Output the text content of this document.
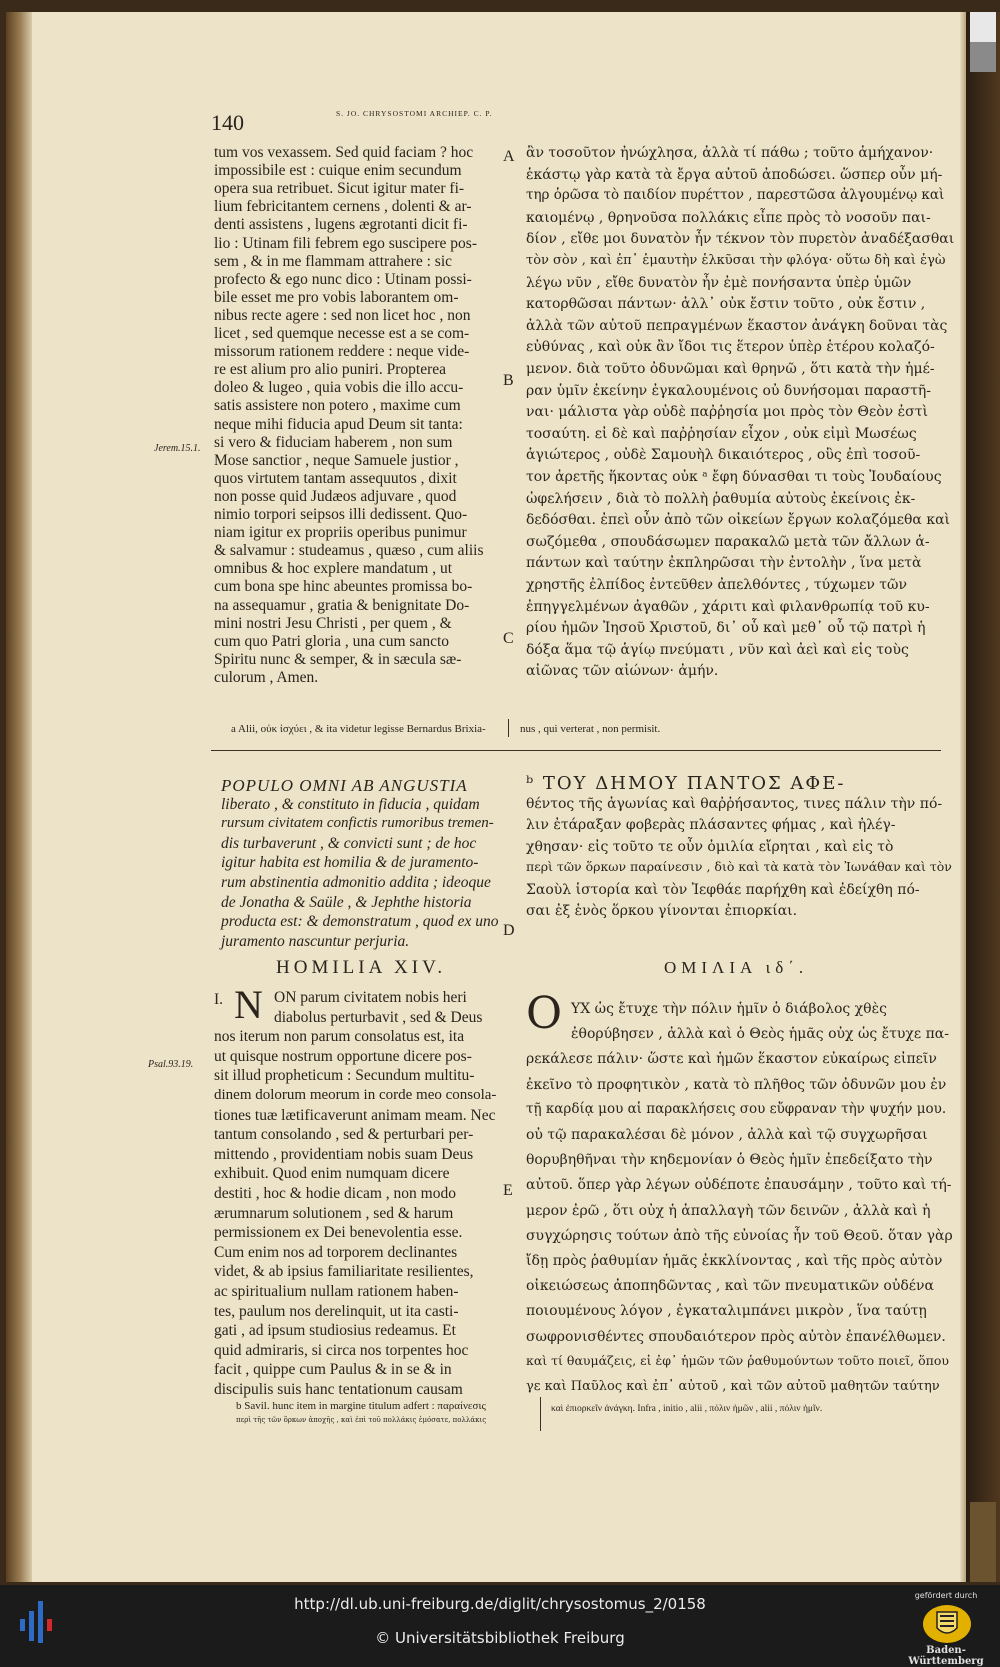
140	S. JO. CHRYSOSTOMI ARCHIEP. C. P.
A
B
C
D
E
Jerem.15.1.
Psal.93.19.
a Alii, οὐκ ἰσχύει , & ita videtur legisse Bernardus Brixia-	nus , qui verterat , non permisit.
HOMILIA XIV.	ΟΜΙΛΙΑ ιδ΄.
b Savil. hunc item in margine titulum adfert : παραίνεσις
περὶ τῆς τῶν ὅρκων ἀποχῆς , καὶ ἐπὶ τοῦ πολλάκις ἐμόσατε, πολλάκις
καὶ ἐπιορκεῖν ἀνάγκη. Infra , initio , alii , πόλιν ἡμῶν , alii , πόλιν ἡμῖν.
tum vos vexassem. Sed quid faciam ? hoc
impossibile est : cuique enim secundum
opera sua retribuet. Sicut igitur mater fi-
lium febricitantem cernens , dolenti & ar-
denti assistens , lugens ægrotanti dicit fi-
lio : Utinam fili febrem ego suscipere pos-
sem , & in me flammam attrahere : sic
profecto & ego nunc dico : Utinam possi-
bile esset me pro vobis laborantem om-
nibus recte agere : sed non licet hoc , non
licet , sed quemque necesse est a se com-
missorum rationem reddere : neque vide-
re est alium pro alio puniri. Propterea
doleo & lugeo , quia vobis die illo accu-
satis assistere non potero , maxime cum
neque mihi fiducia apud Deum sit tanta:
si vero & fiduciam haberem , non sum
Mose sanctior , neque Samuele justior ,
quos virtutem tantam assequutos , dixit
non posse quid Judæos adjuvare , quod
nimio torpori seipsos illi dedissent. Quo-
niam igitur ex propriis operibus punimur
& salvamur : studeamus , quæso , cum aliis
omnibus & hoc explere mandatum , ut
cum bona spe hinc abeuntes promissa bo-
na assequamur , gratia & benignitate Do-
mini nostri Jesu Christi , per quem , &
cum quo Patri gloria , una cum sancto
Spiritu nunc & semper, & in sæcula sæ-
culorum , Amen.
ἂν τοσοῦτον ἠνώχλησα, ἀλλὰ τί πάθω ; τοῦτο ἀμήχανον·
ἑκάστῳ γὰρ κατὰ τὰ ἔργα αὐτοῦ ἀποδώσει. ὥσπερ οὖν μή-
τηρ ὁρῶσα τὸ παιδίον πυρέττον , παρεστῶσα ἀλγουμένῳ καὶ
καιομένῳ , θρηνοῦσα πολλάκις εἶπε πρὸς τὸ νοσοῦν παι-
δίον , εἴθε μοι δυνατὸν ἦν τέκνον τὸν πυρετὸν ἀναδέξασθαι
τὸν σὸν , καὶ ἐπ᾽ ἐμαυτὴν ἑλκῦσαι τὴν φλόγα· οὕτω δὴ καὶ ἐγὼ
λέγω νῦν , εἴθε δυνατὸν ἦν ἐμὲ πονήσαντα ὑπὲρ ὑμῶν
κατορθῶσαι πάντων· ἀλλ᾽ οὐκ ἔστιν τοῦτο , οὐκ ἔστιν ,
ἀλλὰ τῶν αὐτοῦ πεπραγμένων ἕκαστον ἀνάγκη δοῦναι τὰς
εὐθύνας , καὶ οὐκ ἂν ἴδοι τις ἕτερον ὑπὲρ ἑτέρου κολαζό-
μενον. διὰ τοῦτο ὀδυνῶμαι καὶ θρηνῶ , ὅτι κατὰ τὴν ἡμέ-
ραν ὑμῖν ἐκείνην ἐγκαλουμένοις οὐ δυνήσομαι παραστῆ-
ναι· μάλιστα γὰρ οὐδὲ παῤῥησία μοι πρὸς τὸν Θεὸν ἐστὶ
τοσαύτη. εἰ δὲ καὶ παῤῥησίαν εἶχον , οὐκ εἰμὶ Μωσέως
ἁγιώτερος , οὐδὲ Σαμουὴλ δικαιότερος , οὓς ἐπὶ τοσοῦ-
τον ἀρετῆς ἥκοντας οὐκ ᵃ ἔφη δύνασθαι τι τοὺς Ἰουδαίους
ὠφελήσειν , διὰ τὸ πολλὴ ῥαθυμία αὐτοὺς ἐκείνοις ἐκ-
δεδόσθαι. ἐπεὶ οὖν ἀπὸ τῶν οἰκείων ἔργων κολαζόμεθα καὶ
σωζόμεθα , σπουδάσωμεν παρακαλῶ μετὰ τῶν ἄλλων ἁ-
πάντων καὶ ταύτην ἐκπληρῶσαι τὴν ἐντολὴν , ἵνα μετὰ
χρηστῆς ἐλπίδος ἐντεῦθεν ἀπελθόντες , τύχωμεν τῶν
ἐπηγγελμένων ἀγαθῶν , χάριτι καὶ φιλανθρωπίᾳ τοῦ κυ-
ρίου ἡμῶν Ἰησοῦ Χριστοῦ, δι᾽ οὗ καὶ μεθ᾽ οὗ τῷ πατρὶ ἡ
δόξα ἅμα τῷ ἁγίῳ πνεύματι , νῦν καὶ ἀεὶ καὶ εἰς τοὺς
αἰῶνας τῶν αἰώνων· ἀμήν.
POPULO OMNI AB ANGUSTIA
liberato , & constituto in fiducia , quidam
rursum civitatem confictis rumoribus tremen-
dis turbaverunt , & convicti sunt ; de hoc
igitur habita est homilia & de juramento-
rum abstinentia admonitio addita ; ideoque
de Jonatha & Saüle , & Jephthe historia
producta est: & demonstratum , quod ex uno
juramento nascuntur perjuria.
ᵇ ΤΟΥ ΔΗΜΟΥ ΠΑΝΤΟΣ ΑΦΕ-
θέντος τῆς ἀγωνίας καὶ θαῤῥήσαντος, τινες πάλιν τὴν πό-
λιν ἐτάραξαν φοβερὰς πλάσαντες φήμας , καὶ ἠλέγ-
χθησαν· εἰς τοῦτο τε οὖν ὁμιλία εἴρηται , καὶ εἰς τὸ
περὶ τῶν ὅρκων παραίνεσιν , διὸ καὶ τὰ κατὰ τὸν Ἰωνάθαν καὶ τὸν
Σαοὺλ ἱστορία καὶ τὸν Ἰεφθάε παρήχθη καὶ ἐδείχθη πό-
σαι ἐξ ἑνὸς ὅρκου γίνονται ἐπιορκίαι.
I. N ON parum civitatem nobis heri
diabolus perturbavit , sed & Deus
nos iterum non parum consolatus est, ita
ut quisque nostrum opportune dicere pos-
sit illud propheticum : Secundum multitu-
dinem dolorum meorum in corde meo consola-
tiones tuæ lætificaverunt animam meam. Nec
tantum consolando , sed & perturbari per-
mittendo , providentiam nobis suam Deus
exhibuit. Quod enim numquam dicere
destiti , hoc & hodie dicam , non modo
ærumnarum solutionem , sed & harum
permissionem ex Dei benevolentia esse.
Cum enim nos ad torporem declinantes
videt, & ab ipsius familiaritate resilientes,
ac spiritualium nullam rationem haben-
tes, paulum nos derelinquit, ut ita casti-
gati , ad ipsum studiosius redeamus. Et
quid admiraris, si circa nos torpentes hoc
facit , quippe cum Paulus & in se & in
discipulis suis hanc tentationum causam
Ο ΥΧ ὡς ἔτυχε τὴν πόλιν ἡμῖν ὁ διάβολος χθὲς
ἐθορύβησεν , ἀλλὰ καὶ ὁ Θεὸς ἡμᾶς οὐχ ὡς ἔτυχε πα-
ρεκάλεσε πάλιν· ὥστε καὶ ἡμῶν ἕκαστον εὐκαίρως εἰπεῖν
ἐκεῖνο τὸ προφητικὸν , κατὰ τὸ πλῆθος τῶν ὀδυνῶν μου ἐν
τῇ καρδίᾳ μου αἱ παρακλήσεις σου εὔφραναν τὴν ψυχήν μου.
οὐ τῷ παρακαλέσαι δὲ μόνον , ἀλλὰ καὶ τῷ συγχωρῆσαι
θορυβηθῆναι τὴν κηδεμονίαν ὁ Θεὸς ἡμῖν ἐπεδείξατο τὴν
αὐτοῦ. ὅπερ γὰρ λέγων οὐδέποτε ἐπαυσάμην , τοῦτο καὶ τή-
μερον ἐρῶ , ὅτι οὐχ ἡ ἀπαλλαγὴ τῶν δεινῶν , ἀλλὰ καὶ ἡ
συγχώρησις τούτων ἀπὸ τῆς εὐνοίας ἦν τοῦ Θεοῦ. ὅταν γὰρ
ἴδῃ πρὸς ῥαθυμίαν ἡμᾶς ἐκκλίνοντας , καὶ τῆς πρὸς αὐτὸν
οἰκειώσεως ἀποπηδῶντας , καὶ τῶν πνευματικῶν οὐδένα
ποιουμένους λόγον , ἐγκαταλιμπάνει μικρὸν , ἵνα ταύτῃ
σωφρονισθέντες σπουδαιότερον πρὸς αὐτὸν ἐπανέλθωμεν.
καὶ τί θαυμάζεις, εἰ ἐφ᾽ ἡμῶν τῶν ῥαθυμούντων τοῦτο ποιεῖ, ὅπου
γε καὶ Παῦλος καὶ ἐπ᾽ αὐτοῦ , καὶ τῶν αὐτοῦ μαθητῶν ταύτην
http://dl.ub.uni-freiburg.de/diglit/chrysostomus_2/0158
© Universitätsbibliothek Freiburg
gefördert durch
Baden-Württemberg
